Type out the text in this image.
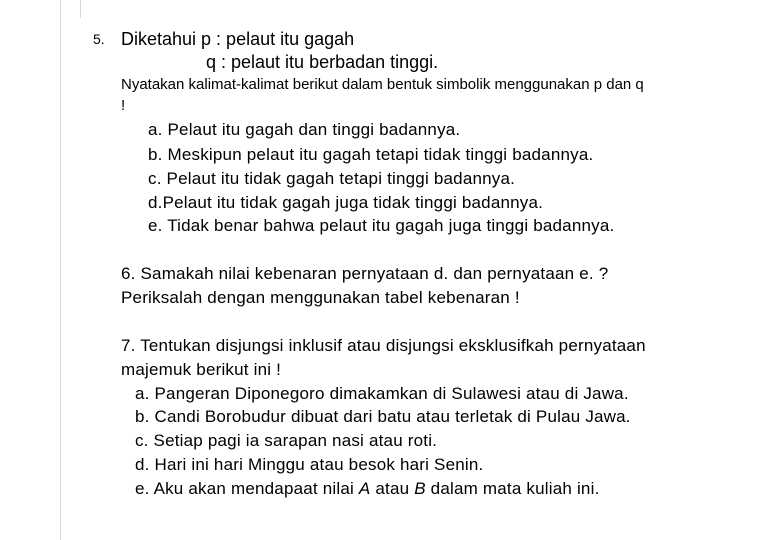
5. Diketahui p : pelaut itu gagah
q : pelaut itu berbadan tinggi.
Nyatakan kalimat-kalimat berikut dalam bentuk simbolik menggunakan p dan q
!
a. Pelaut itu gagah dan tinggi badannya.
b. Meskipun pelaut itu gagah tetapi tidak tinggi badannya.
c. Pelaut itu tidak gagah tetapi tinggi badannya.
d.Pelaut itu tidak gagah juga tidak tinggi badannya.
e. Tidak benar bahwa pelaut itu gagah juga tinggi badannya.
6. Samakah nilai kebenaran pernyataan d. dan pernyataan e. ?
Periksalah dengan menggunakan tabel kebenaran !
7. Tentukan disjungsi inklusif atau disjungsi eksklusifkah pernyataan
majemuk berikut ini !
a. Pangeran Diponegoro dimakamkan di Sulawesi atau di Jawa.
b. Candi Borobudur dibuat dari batu atau terletak di Pulau Jawa.
c. Setiap pagi ia sarapan nasi atau roti.
d. Hari ini hari Minggu atau besok hari Senin.
e. Aku akan mendapaat nilai A atau B dalam mata kuliah ini.
